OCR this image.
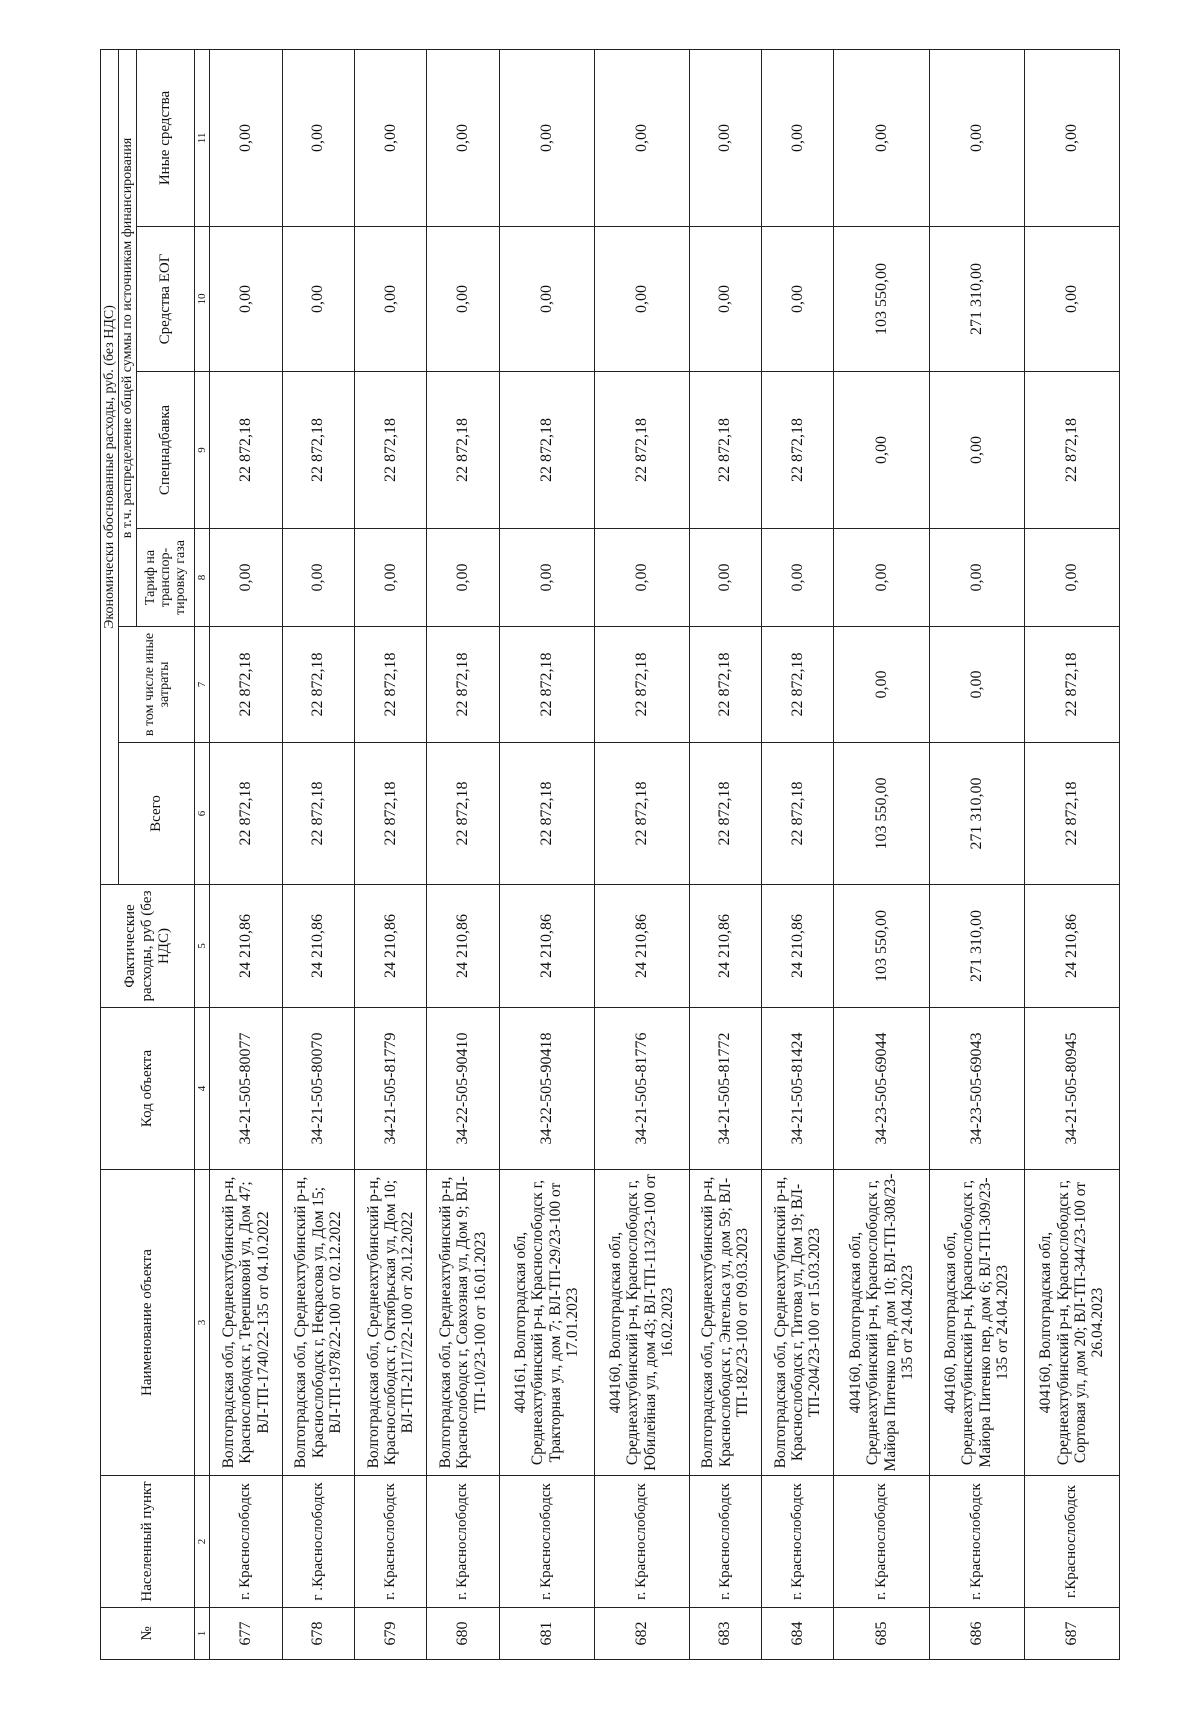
№	Населенный пункт	Наименование объекта	Код объекта	Фактические расходы, руб (без НДС)	Экономически обоснованные расходы, руб. (без НДС)					
					Всего	в том числе иные затраты	в т.ч. распределение общей суммы по источникам финансирования			
							Тариф на транспор-тировку газа	Спецнадбавка	Средства ЕОГ	Иные средства
1	2	3	4	5	6	7	8	9	10	11
677	г. Краснослободск	Волгоградская обл, Среднеахтубинский р-н, Краснослободск г, Терешковой ул, Дом 47; ВЛ-ТП-1740/22-135 от 04.10.2022	34-21-505-80077	24 210,86	22 872,18	22 872,18	0,00	22 872,18	0,00	0,00
678	г .Краснослободск	Волгоградская обл, Среднеахтубинский р-н, Краснослободск г, Некрасова ул, Дом 15; ВЛ-ТП-1978/22-100 от 02.12.2022	34-21-505-80070	24 210,86	22 872,18	22 872,18	0,00	22 872,18	0,00	0,00
679	г. Краснослободск	Волгоградская обл, Среднеахтубинский р-н, Краснослободск г, Октябрьская ул, Дом 10; ВЛ-ТП-2117/22-100 от 20.12.2022	34-21-505-81779	24 210,86	22 872,18	22 872,18	0,00	22 872,18	0,00	0,00
680	г. Краснослободск	Волгоградская обл, Среднеахтубинский р-н, Краснослободск г, Совхозная ул, Дом 9; ВЛ-ТП-10/23-100 от 16.01.2023	34-22-505-90410	24 210,86	22 872,18	22 872,18	0,00	22 872,18	0,00	0,00
681	г. Краснослободск	404161, Волгоградская обл, Среднеахтубинский р-н, Краснослободск г, Тракторная ул, дом 7; ВЛ-ТП-29/23-100 от 17.01.2023	34-22-505-90418	24 210,86	22 872,18	22 872,18	0,00	22 872,18	0,00	0,00
682	г. Краснослободск	404160, Волгоградская обл, Среднеахтубинский р-н, Краснослободск г, Юбилейная ул, дом 43; ВЛ-ТП-113/23-100 от 16.02.2023	34-21-505-81776	24 210,86	22 872,18	22 872,18	0,00	22 872,18	0,00	0,00
683	г. Краснослободск	Волгоградская обл, Среднеахтубинский р-н, Краснослободск г, Энгельса ул, дом 59; ВЛ-ТП-182/23-100 от 09.03.2023	34-21-505-81772	24 210,86	22 872,18	22 872,18	0,00	22 872,18	0,00	0,00
684	г. Краснослободск	Волгоградская обл, Среднеахтубинский р-н, Краснослободск г, Титова ул, Дом 19; ВЛ-ТП-204/23-100 от 15.03.2023	34-21-505-81424	24 210,86	22 872,18	22 872,18	0,00	22 872,18	0,00	0,00
685	г. Краснослободск	404160, Волгоградская обл, Среднеахтубинский р-н, Краснослободск г, Майора Питенко пер, дом 10; ВЛ-ТП-308/23-135 от 24.04.2023	34-23-505-69044	103 550,00	103 550,00	0,00	0,00	0,00	103 550,00	0,00
686	г. Краснослободск	404160, Волгоградская обл, Среднеахтубинский р-н, Краснослободск г, Майора Питенко пер, дом 6; ВЛ-ТП-309/23-135 от 24.04.2023	34-23-505-69043	271 310,00	271 310,00	0,00	0,00	0,00	271 310,00	0,00
687	г.Краснослободск	404160, Волгоградская обл, Среднеахтубинский р-н, Краснослободск г, Сортовая ул, дом 20; ВЛ-ТП-344/23-100 от 26.04.2023	34-21-505-80945	24 210,86	22 872,18	22 872,18	0,00	22 872,18	0,00	0,00
